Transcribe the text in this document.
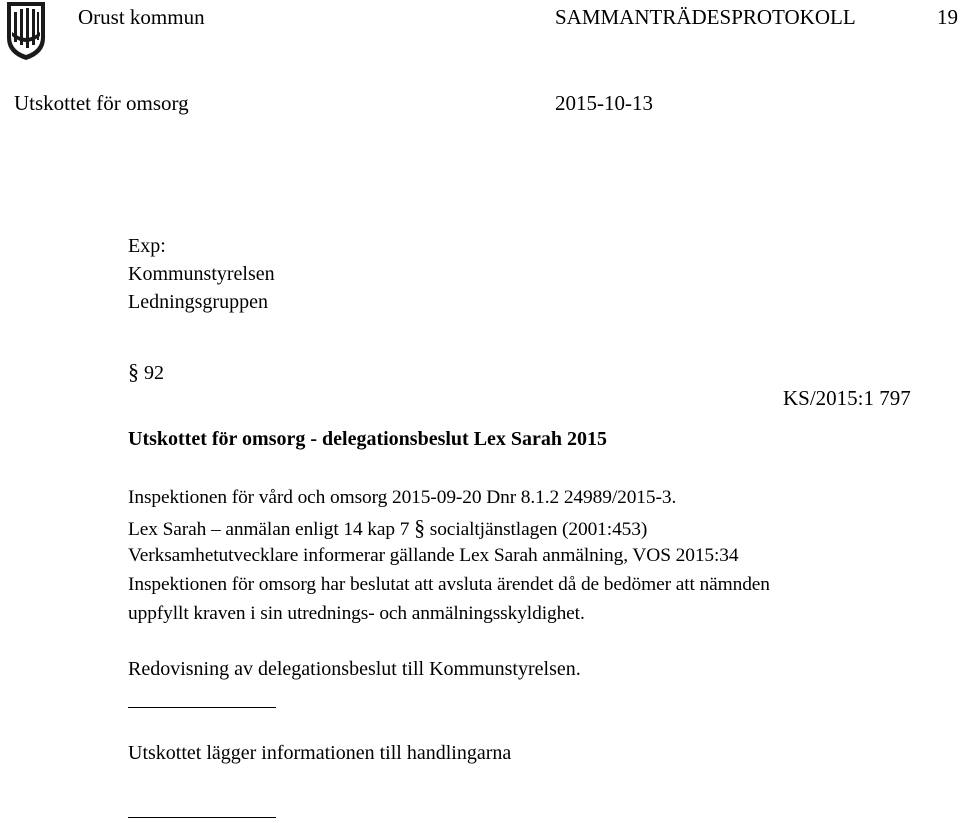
Orust kommun	SAMMANTRÄDESPROTOKOLL	19
Utskottet för omsorg	2015-10-13
Exp:
Kommunstyrelsen
Ledningsgruppen
§ 92
KS/2015:1 797
Utskottet för omsorg - delegationsbeslut Lex Sarah 2015
Inspektionen för vård och omsorg 2015-09-20 Dnr 8.1.2 24989/2015-3.
Lex Sarah – anmälan enligt 14 kap 7 § socialtjänstlagen (2001:453)
Verksamhetutvecklare informerar gällande Lex Sarah anmälning, VOS 2015:34
Inspektionen för omsorg har beslutat att avsluta ärendet då de bedömer att nämnden
uppfyllt kraven i sin utrednings- och anmälningsskyldighet.
Redovisning av delegationsbeslut till Kommunstyrelsen.
Utskottet lägger informationen till handlingarna
